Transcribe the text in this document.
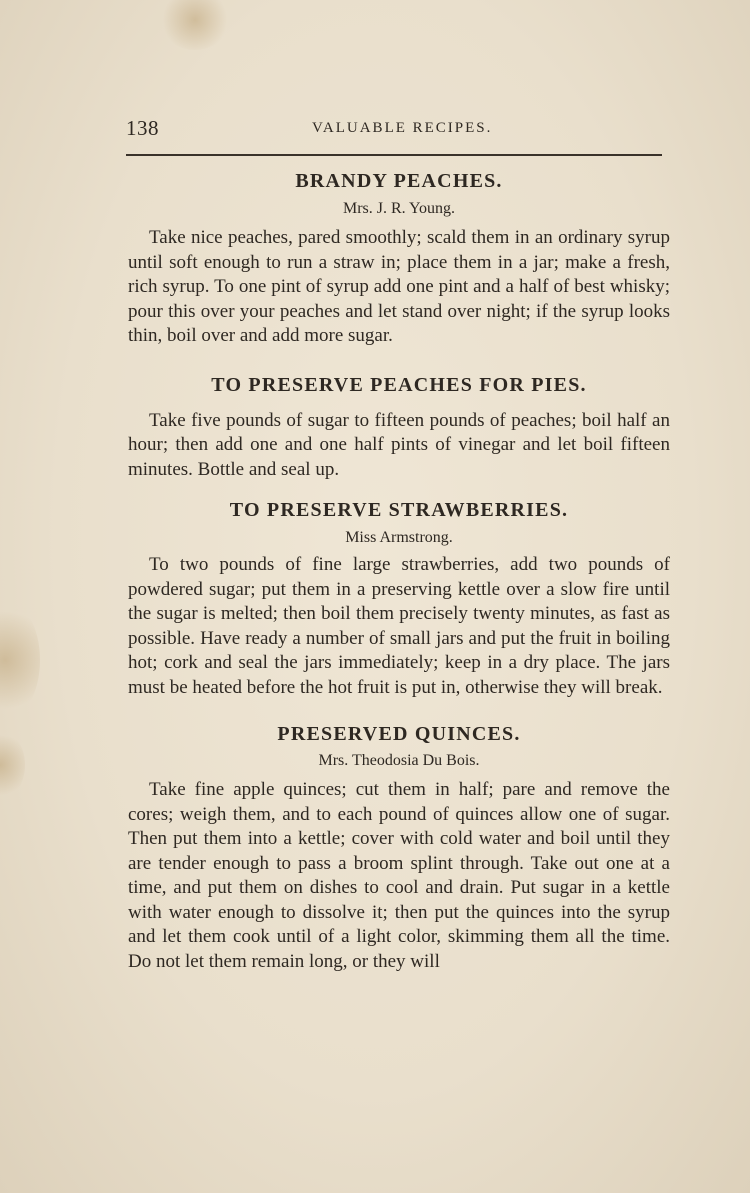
138	VALUABLE RECIPES.
BRANDY PEACHES.

Mrs. J. R. Young.

Take nice peaches, pared smoothly; scald them in an ordinary syrup until soft enough to run a straw in; place them in a jar; make a fresh, rich syrup. To one pint of syrup add one pint and a half of best whisky; pour this over your peaches and let stand over night; if the syrup looks thin, boil over and add more sugar.

TO PRESERVE PEACHES FOR PIES.

Take five pounds of sugar to fifteen pounds of peaches; boil half an hour; then add one and one half pints of vinegar and let boil fifteen minutes. Bottle and seal up.

TO PRESERVE STRAWBERRIES.

Miss Armstrong.

To two pounds of fine large strawberries, add two pounds of powdered sugar; put them in a preserving kettle over a slow fire until the sugar is melted; then boil them precisely twenty minutes, as fast as possible. Have ready a number of small jars and put the fruit in boiling hot; cork and seal the jars immediately; keep in a dry place. The jars must be heated before the hot fruit is put in, otherwise they will break.

PRESERVED QUINCES.

Mrs. Theodosia Du Bois.

Take fine apple quinces; cut them in half; pare and remove the cores; weigh them, and to each pound of quinces allow one of sugar. Then put them into a kettle; cover with cold water and boil until they are tender enough to pass a broom splint through. Take out one at a time, and put them on dishes to cool and drain. Put sugar in a kettle with water enough to dissolve it; then put the quinces into the syrup and let them cook until of a light color, skimming them all the time. Do not let them remain long, or they will
